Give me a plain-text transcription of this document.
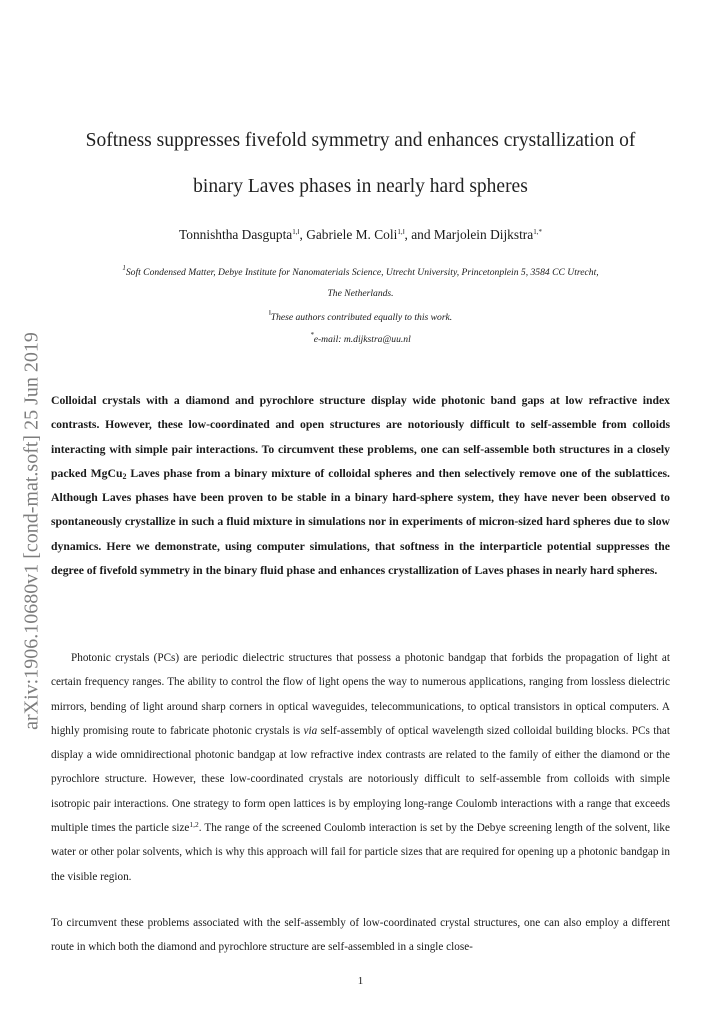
arXiv:1906.10680v1 [cond-mat.soft] 25 Jun 2019
Softness suppresses fivefold symmetry and enhances crystallization of
binary Laves phases in nearly hard spheres
Tonnishtha Dasgupta$^{1,‖}$, Gabriele M. Coli$^{1,‖}$, and Marjolein Dijkstra$^{1,*}$
$^1$Soft Condensed Matter, Debye Institute for Nanomaterials Science, Utrecht University, Princetonplein 5, 3584 CC Utrecht,
The Netherlands.
‖These authors contributed equally to this work.
*e-mail: m.dijkstra@uu.nl
Colloidal crystals with a diamond and pyrochlore structure display wide photonic band gaps at low refractive index contrasts. However, these low-coordinated and open structures are notoriously difficult to self-assemble from colloids interacting with simple pair interactions. To circumvent these problems, one can self-assemble both structures in a closely packed MgCu$_2$ Laves phase from a binary mixture of colloidal spheres and then selectively remove one of the sublattices. Although Laves phases have been proven to be stable in a binary hard-sphere system, they have never been observed to spontaneously crystallize in such a fluid mixture in simulations nor in experiments of micron-sized hard spheres due to slow dynamics. Here we demonstrate, using computer simulations, that softness in the interparticle potential suppresses the degree of fivefold symmetry in the binary fluid phase and enhances crystallization of Laves phases in nearly hard spheres.
Photonic crystals (PCs) are periodic dielectric structures that possess a photonic bandgap that forbids the propagation of light at certain frequency ranges. The ability to control the flow of light opens the way to numerous applications, ranging from lossless dielectric mirrors, bending of light around sharp corners in optical waveguides, telecommunications, to optical transistors in optical computers. A highly promising route to fabricate photonic crystals is via self-assembly of optical wavelength sized colloidal building blocks. PCs that display a wide omnidirectional photonic bandgap at low refractive index contrasts are related to the family of either the diamond or the pyrochlore structure. However, these low-coordinated crystals are notoriously difficult to self-assemble from colloids with simple isotropic pair interactions. One strategy to form open lattices is by employing long-range Coulomb interactions with a range that exceeds multiple times the particle size$^{1,2}$. The range of the screened Coulomb interaction is set by the Debye screening length of the solvent, like water or other polar solvents, which is why this approach will fail for particle sizes that are required for opening up a photonic bandgap in the visible region.
To circumvent these problems associated with the self-assembly of low-coordinated crystal structures, one can also employ a different route in which both the diamond and pyrochlore structure are self-assembled in a single close-
1
